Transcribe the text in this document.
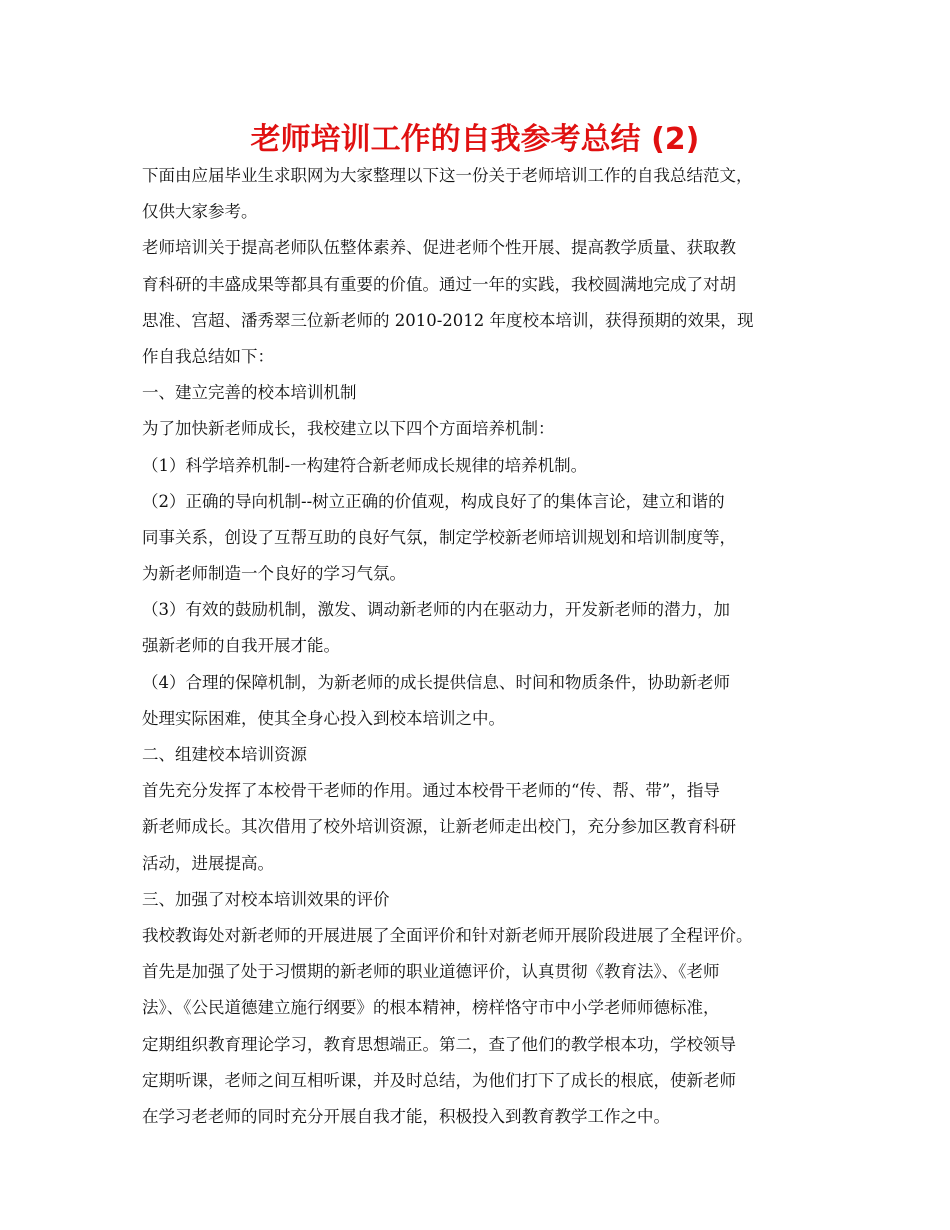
老师培训工作的自我参考总结 (2)
下面由应届毕业生求职网为大家整理以下这一份关于老师培训工作的自我总结范文，
仅供大家参考。
老师培训关于提高老师队伍整体素养、促进老师个性开展、提高教学质量、获取教
育科研的丰盛成果等都具有重要的价值。通过一年的实践，我校圆满地完成了对胡
思准、宫超、潘秀翠三位新老师的 2010-2012 年度校本培训，获得预期的效果，现
作自我总结如下：
一、建立完善的校本培训机制
为了加快新老师成长，我校建立以下四个方面培养机制：
（1）科学培养机制-一构建符合新老师成长规律的培养机制。
（2）正确的导向机制--树立正确的价值观，构成良好了的集体言论，建立和谐的
同事关系，创设了互帮互助的良好气氛，制定学校新老师培训规划和培训制度等，
为新老师制造一个良好的学习气氛。
（3）有效的鼓励机制，激发、调动新老师的内在驱动力，开发新老师的潜力，加
强新老师的自我开展才能。
（4）合理的保障机制，为新老师的成长提供信息、时间和物质条件，协助新老师
处理实际困难，使其全身心投入到校本培训之中。
二、组建校本培训资源
首先充分发挥了本校骨干老师的作用。通过本校骨干老师的“传、帮、带”，指导
新老师成长。其次借用了校外培训资源，让新老师走出校门，充分参加区教育科研
活动，进展提高。
三、加强了对校本培训效果的评价
我校教诲处对新老师的开展进展了全面评价和针对新老师开展阶段进展了全程评价。
首先是加强了处于习惯期的新老师的职业道德评价，认真贯彻《教育法》、《老师
法》、《公民道德建立施行纲要》的根本精神，榜样恪守市中小学老师师德标准，
定期组织教育理论学习，教育思想端正。第二，查了他们的教学根本功，学校领导
定期听课，老师之间互相听课，并及时总结，为他们打下了成长的根底，使新老师
在学习老老师的同时充分开展自我才能，积极投入到教育教学工作之中。
